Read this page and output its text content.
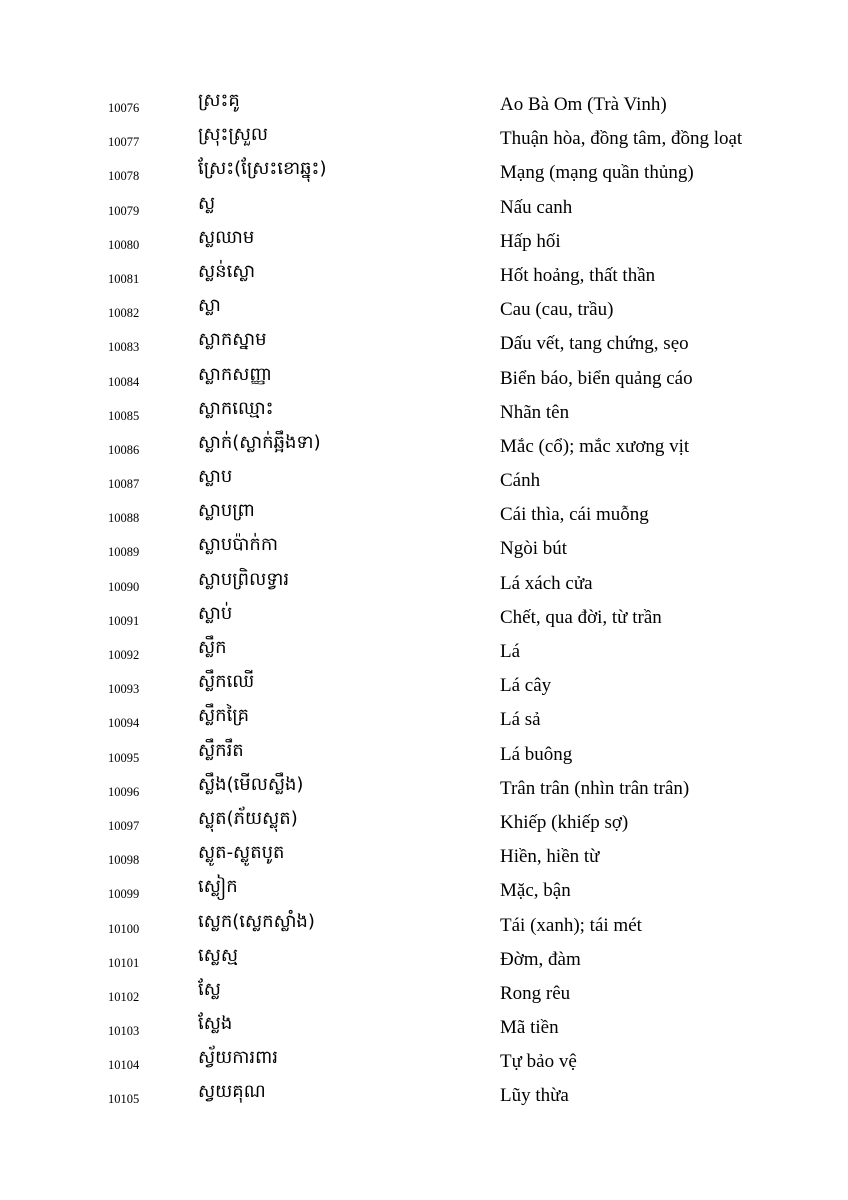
10076	ស្រះគូ	Ao Bà Om (Trà Vinh)
10077	ស្រុះស្រួល	Thuận hòa, đồng tâm, đồng loạt
10078	ស្រែះ(ស្រែះខោឆ្នុះ)	Mạng (mạng quần thủng)
10079	ស្ល	Nấu canh
10080	ស្លឈាម	Hấp hối
10081	ស្លន់ស្លោ	Hốt hoảng, thất thần
10082	ស្លា	Cau (cau, trầu)
10083	ស្លាកស្នាម	Dấu vết, tang chứng, sẹo
10084	ស្លាកសញ្ញា	Biển báo, biển quảng cáo
10085	ស្លាកឈ្មោះ	Nhãn tên
10086	ស្លាក់(ស្លាក់ឆ្អឹងទា)	Mắc (cổ); mắc xương vịt
10087	ស្លាប	Cánh
10088	ស្លាបព្រា	Cái thìa, cái muỗng
10089	ស្លាបប៉ាក់កា	Ngòi bút
10090	ស្លាបព្រិលទ្វារ	Lá xách cửa
10091	ស្លាប់	Chết, qua đời, từ trần
10092	ស្លឹក	Lá
10093	ស្លឹកឈើ	Lá cây
10094	ស្លឹកគ្រៃ	Lá sả
10095	ស្លឹករឹត	Lá buông
10096	ស្លឹង(មើលស្លឹង)	Trân trân (nhìn trân trân)
10097	ស្លុត(ភ័យស្លុត)	Khiếp (khiếp sợ)
10098	ស្លូត-ស្លូតបូត	Hiền, hiền từ
10099	ស្លៀក	Mặc, bận
10100	ស្លេក(ស្លេកស្លាំង)	Tái (xanh); tái mét
10101	ស្លេស្ម	Đờm, đàm
10102	ស្លែ	Rong rêu
10103	ស្លែង	Mã tiền
10104	ស្វ័យការពារ	Tự bảo vệ
10105	ស្វយគុណ	Lũy thừa
